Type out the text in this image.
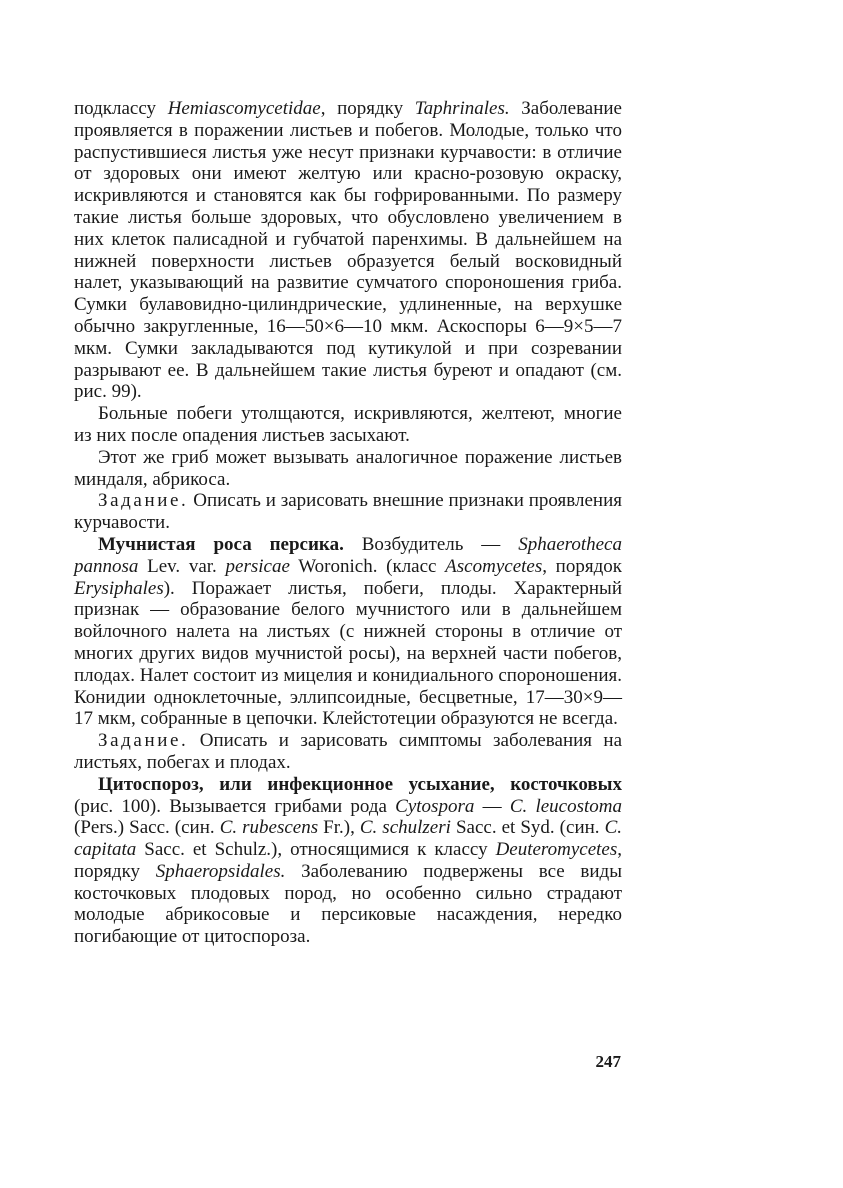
подклассу Hemiascomycetidae, порядку Taphrinales. Заболевание проявляется в поражении листьев и побегов. Молодые, только что распустившиеся листья уже несут признаки курчавости: в отличие от здоровых они имеют желтую или красно-розовую окраску, искривляются и становятся как бы гофрированными. По размеру такие листья больше здоровых, что обусловлено увеличением в них клеток палисадной и губчатой паренхимы. В дальнейшем на нижней поверхности листьев образуется белый восковидный налет, указывающий на развитие сумчатого спороношения гриба. Сумки булавовидно-цилиндрические, удлиненные, на верхушке обычно закругленные, 16—50×6—10 мкм. Аскоспоры 6—9×5—7 мкм. Сумки закладываются под кутикулой и при созревании разрывают ее. В дальнейшем такие листья буреют и опадают (см. рис. 99).

Больные побеги утолщаются, искривляются, желтеют, многие из них после опадения листьев засыхают.

Этот же гриб может вызывать аналогичное поражение листьев миндаля, абрикоса.

Задание. Описать и зарисовать внешние признаки проявления курчавости.

Мучнистая роса персика. Возбудитель — Sphaerotheca pannosa Lev. var. persicae Woronich. (класс Ascomycetes, порядок Erysiphales). Поражает листья, побеги, плоды. Характерный признак — образование белого мучнистого или в дальнейшем войлочного налета на листьях (с нижней стороны в отличие от многих других видов мучнистой росы), на верхней части побегов, плодах. Налет состоит из мицелия и конидиального спороношения. Конидии одноклеточные, эллипсоидные, бесцветные, 17—30×9—17 мкм, собранные в цепочки. Клейстотеции образуются не всегда.

Задание. Описать и зарисовать симптомы заболевания на листьях, побегах и плодах.

Цитоспороз, или инфекционное усыхание, косточковых (рис. 100). Вызывается грибами рода Cytospora — C. leucostoma (Pers.) Sacc. (син. C. rubescens Fr.), C. schulzeri Sacc. et Syd. (син. C. capitata Sacc. et Schulz.), относящимися к классу Deuteromycetes, порядку Sphaeropsidales. Заболеванию подвержены все виды косточковых плодовых пород, но особенно сильно страдают молодые абрикосовые и персиковые насаждения, нередко погибающие от цитоспороза.

247
